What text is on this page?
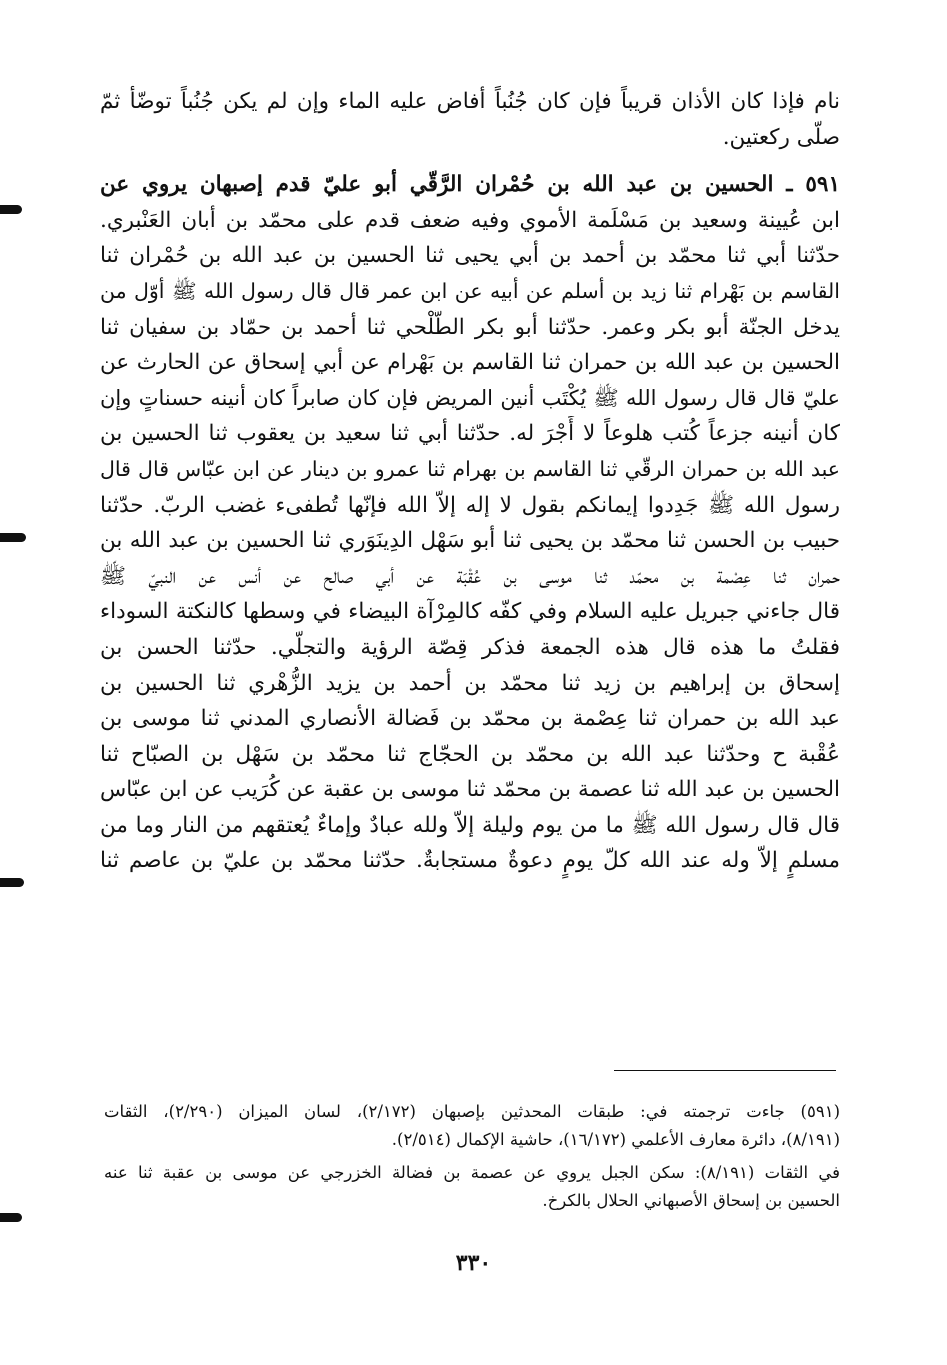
نام فإذا كان الأذان قريباً فإن كان جُنُباً أفاض عليه الماء وإن لم يكن جُنُباً توضّأ ثمّ
صلّى ركعتين.
٥٩١ ـ الحسين بن عبد الله بن حُمْران الرَّقّي أبو عليّ قدم إصبهان يروي عن
ابن عُيينة وسعيد بن مَسْلَمة الأموي وفيه ضعف قدم على محمّد بن أبان العَنْبري.
حدّثنا أبي ثنا محمّد بن أحمد بن أبي يحيى ثنا الحسين بن عبد الله بن حُمْران ثنا
القاسم بن بَهْرام ثنا زيد بن أسلم عن أبيه عن ابن عمر قال قال رسول الله ﷺ أوّل من
يدخل الجنّة أبو بكر وعمر. حدّثنا أبو بكر الطَّلْحي ثنا أحمد بن حمّاد بن سفيان ثنا
الحسين بن عبد الله بن حمران ثنا القاسم بن بَهْرام عن أبي إسحاق عن الحارث عن
عليّ قال قال رسول الله ﷺ يُكْتَب أنين المريض فإن كان صابراً كان أنينه حسناتٍ وإن
كان أنينه جزعاً كُتب هلوعاً لا أَجْرَ له. حدّثنا أبي ثنا سعيد بن يعقوب ثنا الحسين بن
عبد الله بن حمران الرقّي ثنا القاسم بن بهرام ثنا عمرو بن دينار عن ابن عبّاس قال قال
رسول الله ﷺ جَدِدوا إيمانكم بقول لا إله إلاّ الله فإنّها تُطفىء غضب الربّ. حدّثنا
حبيب بن الحسن ثنا محمّد بن يحيى ثنا أبو سَهْل الدِينَوَري ثنا الحسين بن عبد الله بن
حمران ثنا عِصْمة بن محمّد ثنا موسى بن عُقْبَة عن أبي صالح عن أنس عن النبيّ ﷺ
قال جاءني جبريل عليه السلام وفي كفّه كالمِرْآة البيضاء في وسطها كالنكتة السوداء
فقلتُ ما هذه قال هذه الجمعة فذكر قِصّة الرؤية والتجلّي. حدّثنا الحسن بن
إسحاق بن إبراهيم بن زيد ثنا محمّد بن أحمد بن يزيد الزُّهْري ثنا الحسين بن
عبد الله بن حمران ثنا عِصْمة بن محمّد بن فَضالة الأنصاري المدني ثنا موسى بن
عُقْبة ح وحدّثنا عبد الله بن محمّد بن الحجّاج ثنا محمّد بن سَهْل بن الصبّاح ثنا
الحسين بن عبد الله ثنا عصمة بن محمّد ثنا موسى بن عقبة عن كُرَيب عن ابن عبّاس
قال قال رسول الله ﷺ ما من يوم وليلة إلاّ ولله عبادٌ وإماءٌ يُعتقهم من النار وما من
مسلمٍ إلاّ وله عند الله كلّ يومٍ دعوةٌ مستجابةٌ. حدّثنا محمّد بن عليّ بن عاصم ثنا
(٥٩١) جاءت ترجمته في: طبقات المحدثين بإصبهان (٢/١٧٢)، لسان الميزان (٢/٢٩٠)، الثقات
(٨/١٩١)، دائرة معارف الأعلمي (١٦/١٧٢)، حاشية الإكمال (٢/٥١٤).
في الثقات (٨/١٩١): سكن الجبل يروي عن عصمة بن فضالة الخزرجي عن موسى بن عقبة ثنا عنه
الحسين بن إسحاق الأصبهاني الحلال بالكرخ.
٣٣٠
